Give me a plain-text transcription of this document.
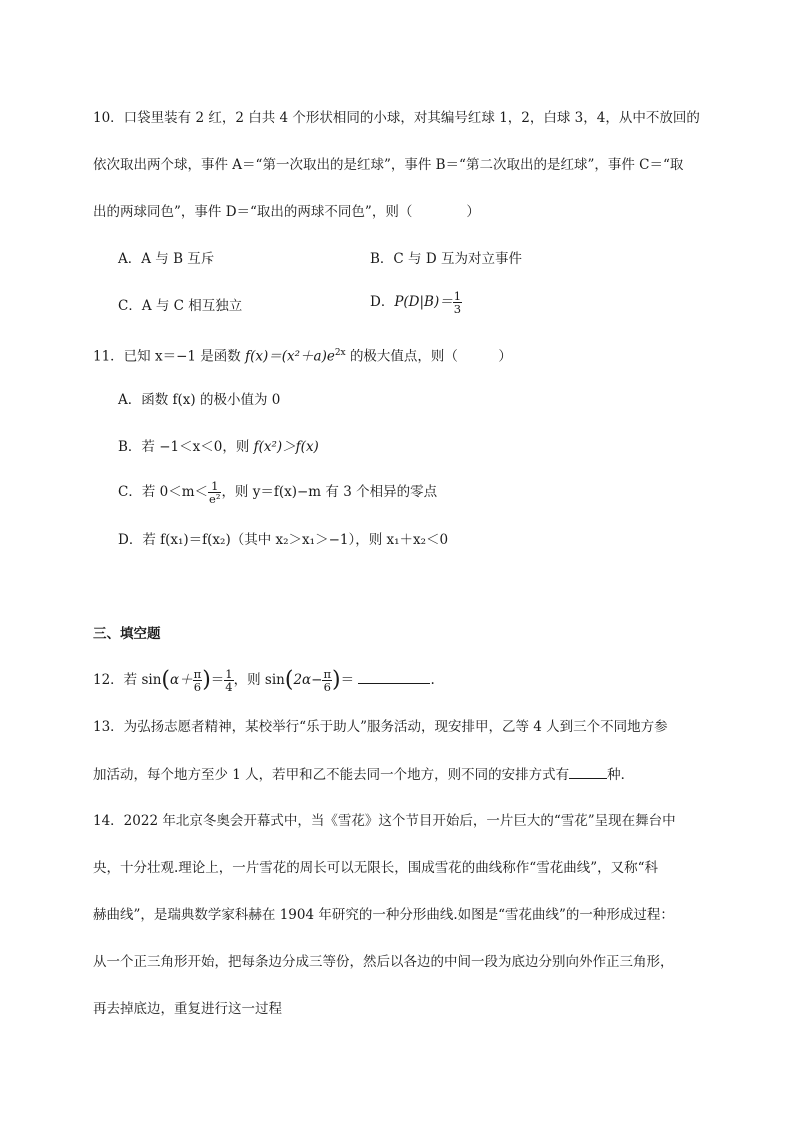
10．口袋里装有 2 红，2 白共 4 个形状相同的小球，对其编号红球 1，2，白球 3，4，从中不放回的
依次取出两个球，事件 A＝“第一次取出的是红球”，事件 B＝“第二次取出的是红球”，事件 C＝“取
出的两球同色”，事件 D＝“取出的两球不同色”，则（　　　　）
A．A 与 B 互斥	B．C 与 D 互为对立事件
C．A 与 C 相互独立	D．$P(D|B)= \frac{1}{3}$
11．已知 x＝−1 是函数 $f(x)=(x^2+a)e^{2x}$ 的极大值点，则（　　　）
A．函数 f(x) 的极小值为 0
B．若 −1＜x＜0，则 f(x²)＞f(x)
C．若 $0<m< \frac{1}{\text{e²}}$ ，则 y＝f(x)−m 有 3 个相异的零点
D．若 f(x₁)＝f(x₂)（其中 x₂＞x₁＞−1），则 x₁＋x₂＜0
三、填空题
12．若 $\sin(\alpha+ \frac{\pi}{6}$ )＝ $\frac{1}{4}$ ，则 $\sin(2\alpha- \frac{\pi}{6}$ )＝	.
13．为弘扬志愿者精神，某校举行“乐于助人”服务活动，现安排甲，乙等 4 人到三个不同地方参
加活动，每个地方至少 1 人，若甲和乙不能去同一个地方，则不同的安排方式有	种．
14．2022 年北京冬奥会开幕式中，当《雪花》这个节目开始后，一片巨大的“雪花”呈现在舞台中
央，十分壮观.理论上，一片雪花的周长可以无限长，围成雪花的曲线称作“雪花曲线”，又称“科
赫曲线”，是瑞典数学家科赫在 1904 年研究的一种分形曲线.如图是“雪花曲线”的一种形成过程：
从一个正三角形开始，把每条边分成三等份，然后以各边的中间一段为底边分别向外作正三角形，
再去掉底边，重复进行这一过程
